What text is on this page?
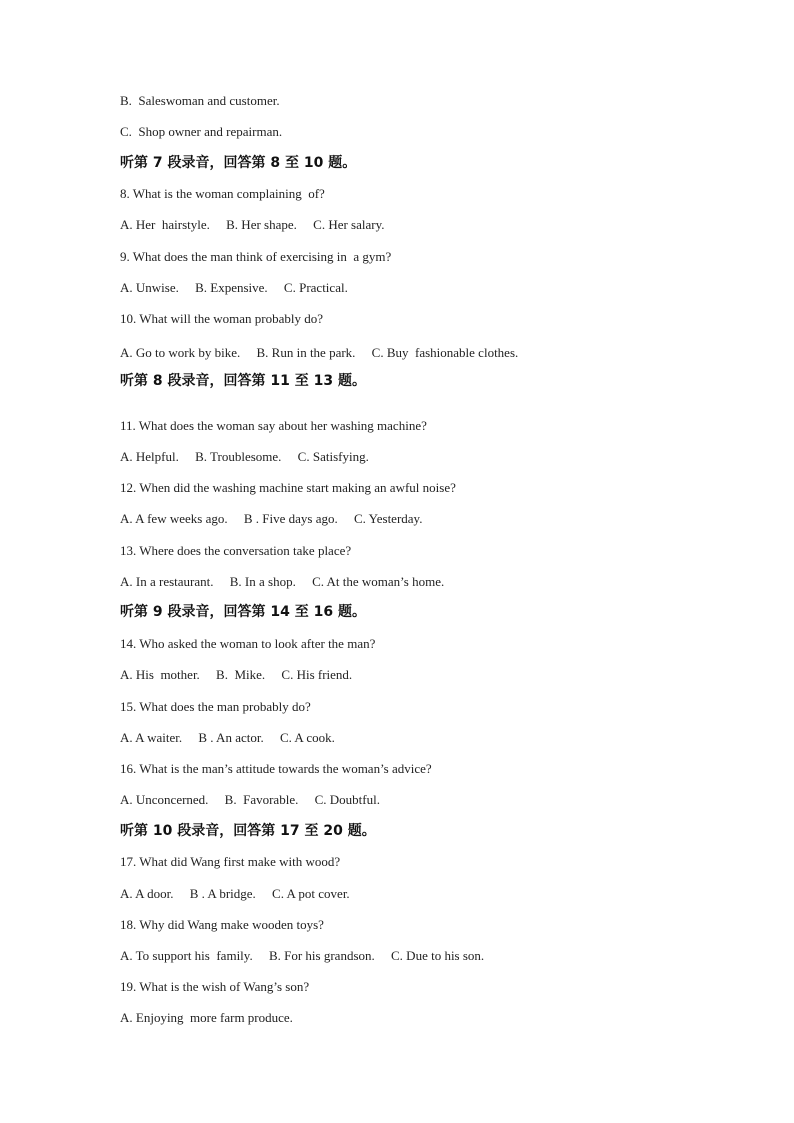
B.  Saleswoman and customer.
C.  Shop owner and repairman.
听第 7 段录音，回答第 8 至 10 题。
8. What is the woman complaining  of?
A. Her  hairstyle.     B. Her shape.     C. Her salary.
9. What does the man think of exercising in  a gym?
A. Unwise.     B. Expensive.     C. Practical.
10. What will the woman probably do?
A. Go to work by bike.     B. Run in the park.     C. Buy  fashionable clothes.
听第 8 段录音，回答第 11 至 13 题。
11. What does the woman say about her washing machine?
A. Helpful.     B. Troublesome.     C. Satisfying.
12. When did the washing machine start making an awful noise?
A. A few weeks ago.     B . Five days ago.     C. Yesterday.
13. Where does the conversation take place?
A. In a restaurant.     B. In a shop.     C. At the woman’s home.
听第 9 段录音，回答第 14 至 16 题。
14. Who asked the woman to look after the man?
A. His  mother.     B.  Mike.     C. His friend.
15. What does the man probably do?
A. A waiter.     B . An actor.     C. A cook.
16. What is the man’s attitude towards the woman’s advice?
A. Unconcerned.     B.  Favorable.     C. Doubtful.
听第 10 段录音，回答第 17 至 20 题。
17. What did Wang first make with wood?
A. A door.     B . A bridge.     C. A pot cover.
18. Why did Wang make wooden toys?
A. To support his  family.     B. For his grandson.     C. Due to his son.
19. What is the wish of Wang’s son?
A. Enjoying  more farm produce.
